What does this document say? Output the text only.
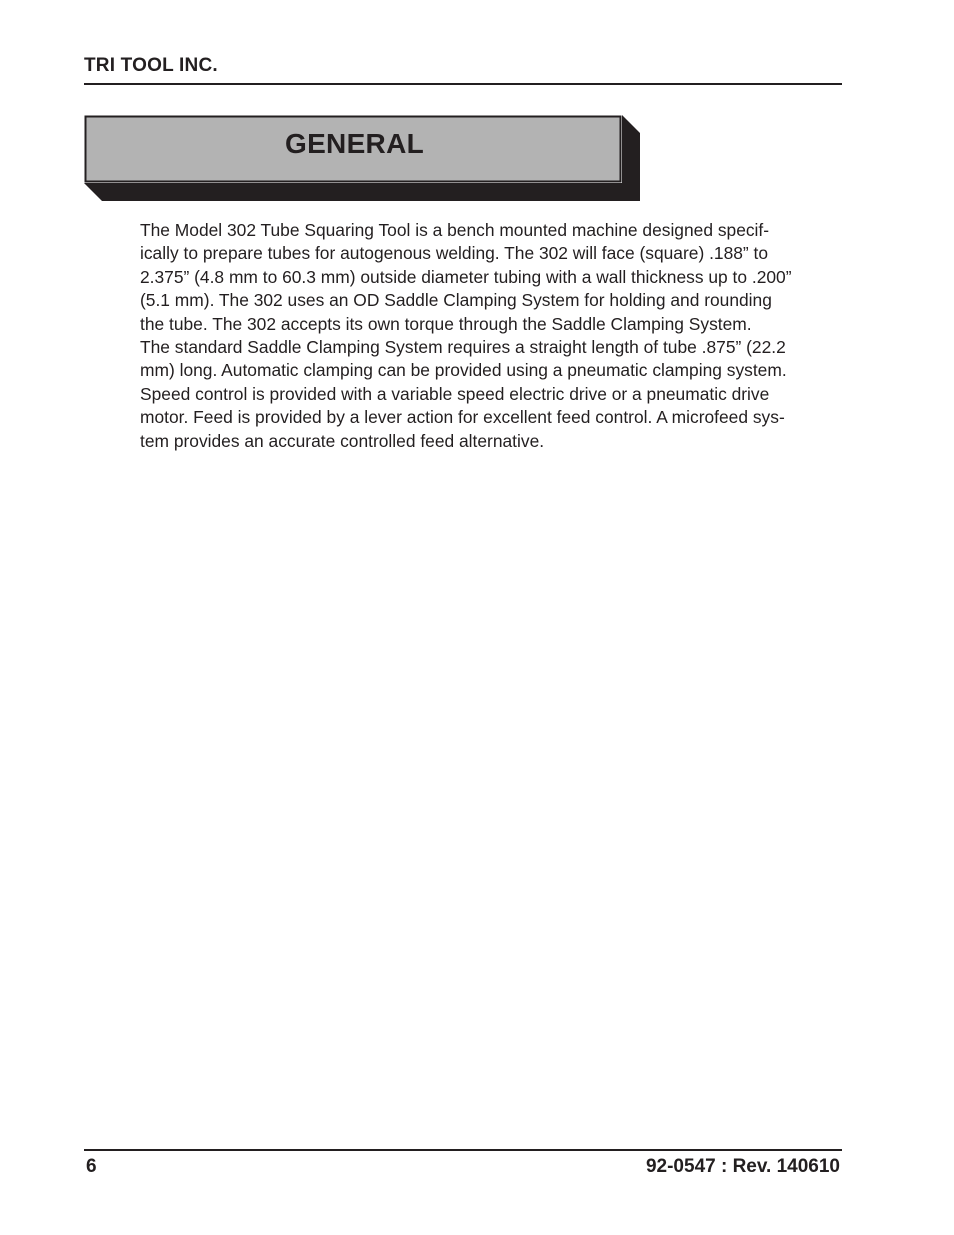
TRI TOOL INC.
GENERAL
The Model 302 Tube Squaring Tool is a bench mounted machine designed specif-
ically to prepare tubes for autogenous welding. The 302 will face (square) .188” to
2.375” (4.8 mm to 60.3 mm) outside diameter tubing with a wall thickness up to .200”
(5.1 mm). The 302 uses an OD Saddle Clamping System for holding and rounding
the tube. The 302 accepts its own torque through the Saddle Clamping System.
The standard Saddle Clamping System requires a straight length of tube .875” (22.2
mm) long. Automatic clamping can be provided using a pneumatic clamping system.
Speed control is provided with a variable speed electric drive or a pneumatic drive
motor. Feed is provided by a lever action for excellent feed control. A microfeed sys-
tem provides an accurate controlled feed alternative.
6	92-0547 : Rev. 140610
